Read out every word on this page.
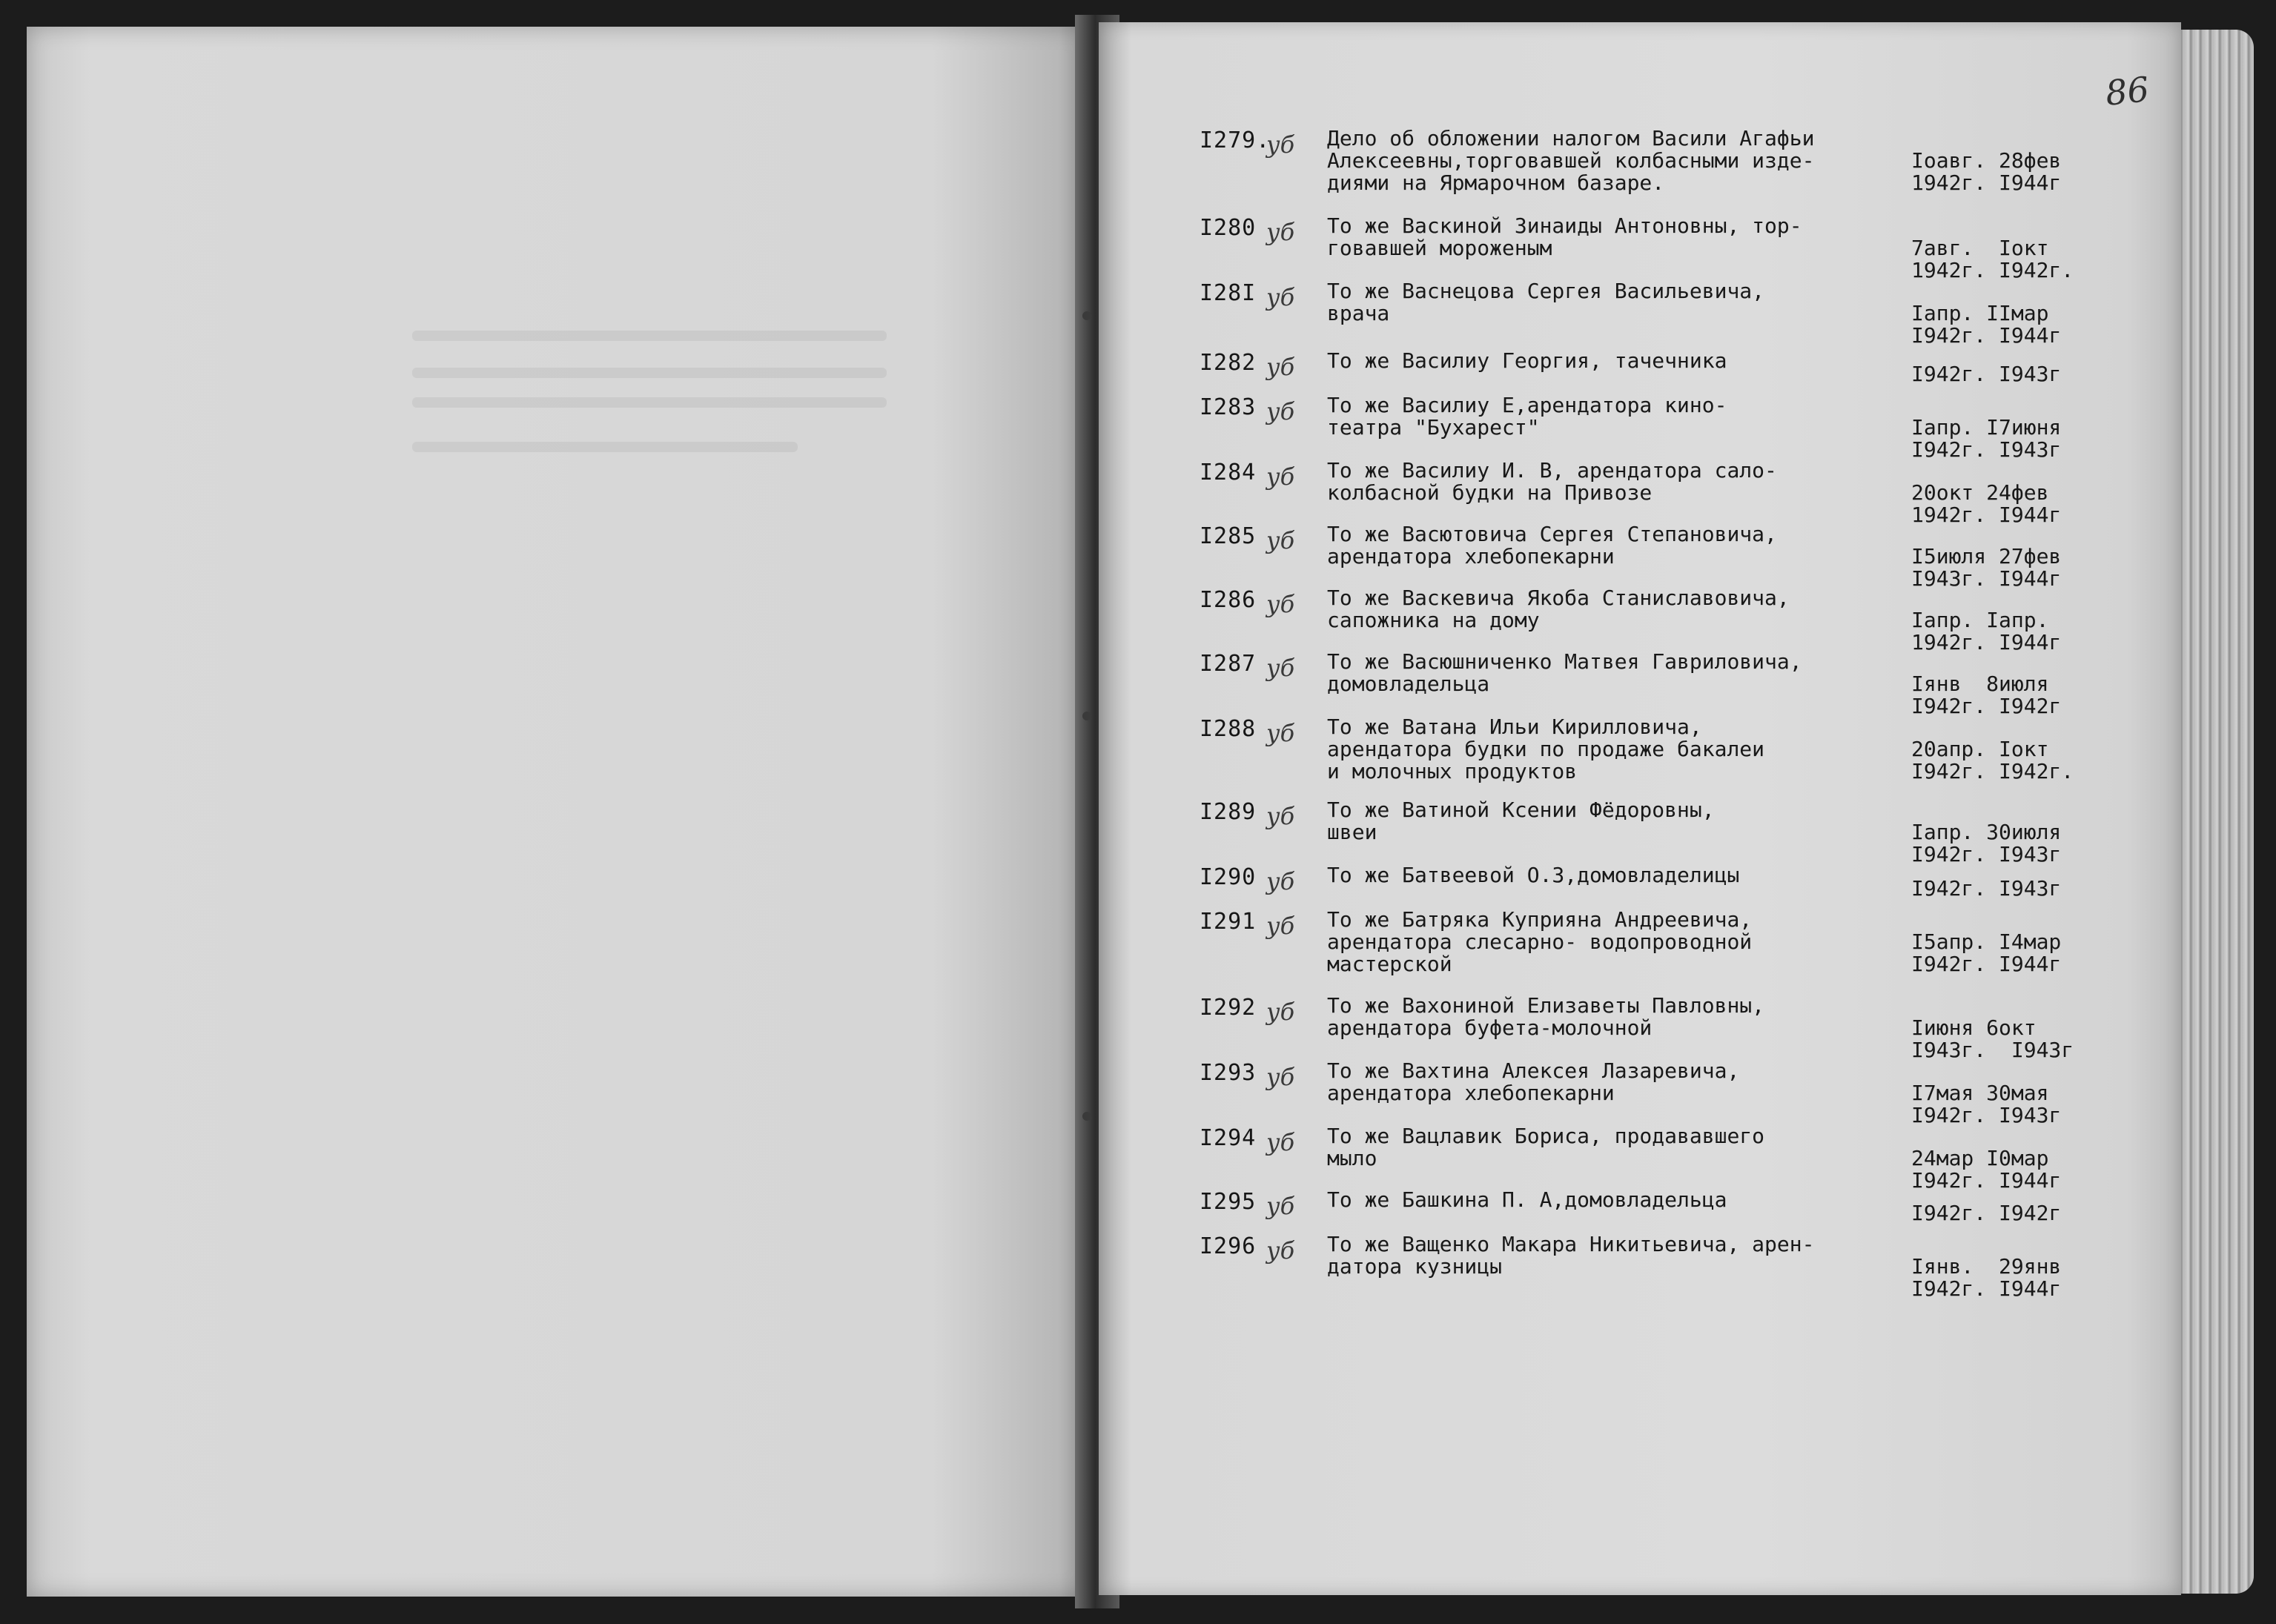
86
I279.
уб Дело об обложении налогом Васили Агафьи
Алексеевны,торговавшей колбасными изде-
диями на Ярмарочном базаре.
Iоавг. 28фев
1942г. I944г
I280 уб То же Васкиной Зинаиды Антоновны, тор-
говавшей мороженым	7авг.  Iокт
1942г. I942г.
I28I уб То же Васнецова Сергея Васильевича,
врача	Iапр. IIмар
I942г. I944г
I282 уб То же Василиу Георгия, тачечника
I942г. I943г
I283 уб То же Василиу Е,арендатора кино-
театра "Бухарест"	Iапр. I7июня
I942г. I943г
I284 уб То же Василиу И. В, арендатора сало-
колбасной будки на Привозе	20окт 24фев
1942г. I944г
I285 уб То же Васютовича Сергея Степановича,
арендатора хлебопекарни	I5июля 27фев
I943г. I944г
I286 уб То же Васкевича Якоба Станиславовича,
сапожника на дому	Iапр. Iапр.
1942г. I944г
I287 уб То же Васюшниченко Матвея Гавриловича,
домовладельца	Iянв  8июля
I942г. I942г
I288 уб То же Ватана Ильи Кирилловича,
арендатора будки по продаже бакалеи
и молочных продуктов
20апр. Iокт
I942г. I942г.
I289 уб То же Ватиной Ксении Фёдоровны,
швеи	Iапр. 30июля
I942г. I943г
I290 уб То же Батвеевой О.З,домовладелицы
I942г. I943г
I291 уб То же Батряка Куприяна Андреевича,
арендатора слесарно- водопроводной
мастерской
I5апр. I4мар
I942г. I944г
I292 уб То же Вахониной Елизаветы Павловны,
арендатора буфета-молочной	Iиюня 6окт
I943г.  I943г
I293 уб То же Вахтина Алексея Лазаревича,
арендатора хлебопекарни	I7мая 30мая
I942г. I943г
I294 уб То же Вацлавик Бориса, продававшего
мыло	24мар I0мар
I942г. I944г
I295 уб То же Башкина П. А,домовладельца
I942г. I942г
I296 уб То же Ващенко Макара Никитьевича, арен-
датора кузницы	Iянв.  29янв
I942г. I944г
